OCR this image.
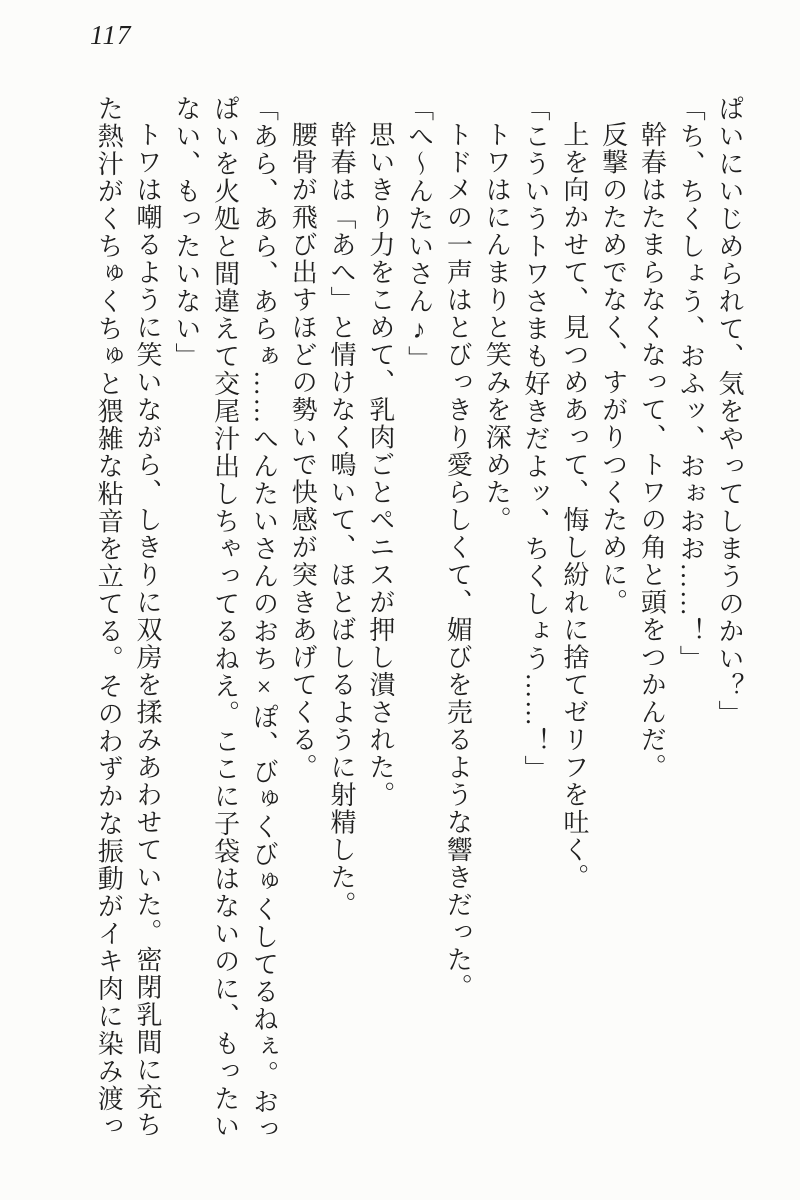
117

ぱいにいじめられて、気をやってしまうのかい？」

「ち、ちくしょう、おふッ、おぉおお……！」

幹春はたまらなくなって、トワの角と頭をつかんだ。

反撃のためでなく、すがりつくために。

上を向かせて、見つめあって、悔し紛れに捨てゼリフを吐く。

「こういうトワさまも好きだよッ、ちくしょう……！」

トワはにんまりと笑みを深めた。

トドメの一声はとびっきり愛らしくて、媚びを売るような響きだった。

「へ〜んたいさん♪」

思いきり力をこめて、乳肉ごとペニスが押し潰された。

幹春は「あへ」と情けなく鳴いて、ほとばしるように射精した。

腰骨が飛び出すほどの勢いで快感が突きあげてくる。

「あら、あら、あらぁ……へんたいさんのおち×ぽ、びゅくびゅくしてるねぇ。おっぱいを火処と間違えて交尾汁出しちゃってるねえ。ここに子袋はないのに、もったいない、もったいない」

トワは嘲るように笑いながら、しきりに双房を揉みあわせていた。密閉乳間に充ちた熱汁がくちゅくちゅと猥雑な粘音を立てる。そのわずかな振動がイキ肉に染み渡っ
